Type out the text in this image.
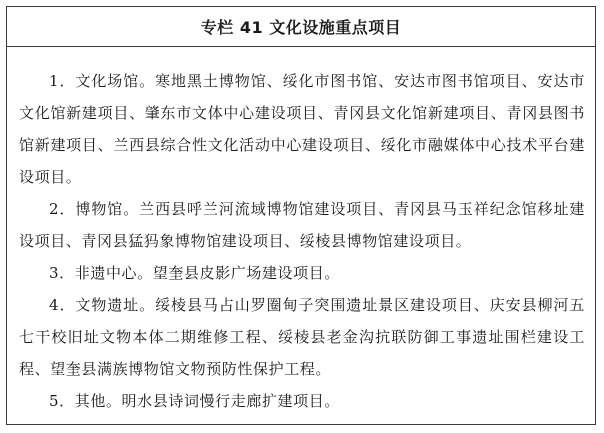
专栏 41 文化设施重点项目

1．文化场馆。寒地黑土博物馆、绥化市图书馆、安达市图书馆项目、安达市文化馆新建项目、肇东市文体中心建设项目、青冈县文化馆新建项目、青冈县图书馆新建项目、兰西县综合性文化活动中心建设项目、绥化市融媒体中心技术平台建设项目。

2．博物馆。兰西县呼兰河流域博物馆建设项目、青冈县马玉祥纪念馆移址建设项目、青冈县猛犸象博物馆建设项目、绥棱县博物馆建设项目。

3．非遗中心。望奎县皮影广场建设项目。

4．文物遗址。绥棱县马占山罗圈甸子突围遗址景区建设项目、庆安县柳河五七干校旧址文物本体二期维修工程、绥棱县老金沟抗联防御工事遗址围栏建设工程、望奎县满族博物馆文物预防性保护工程。

5．其他。明水县诗词慢行走廊扩建项目。
